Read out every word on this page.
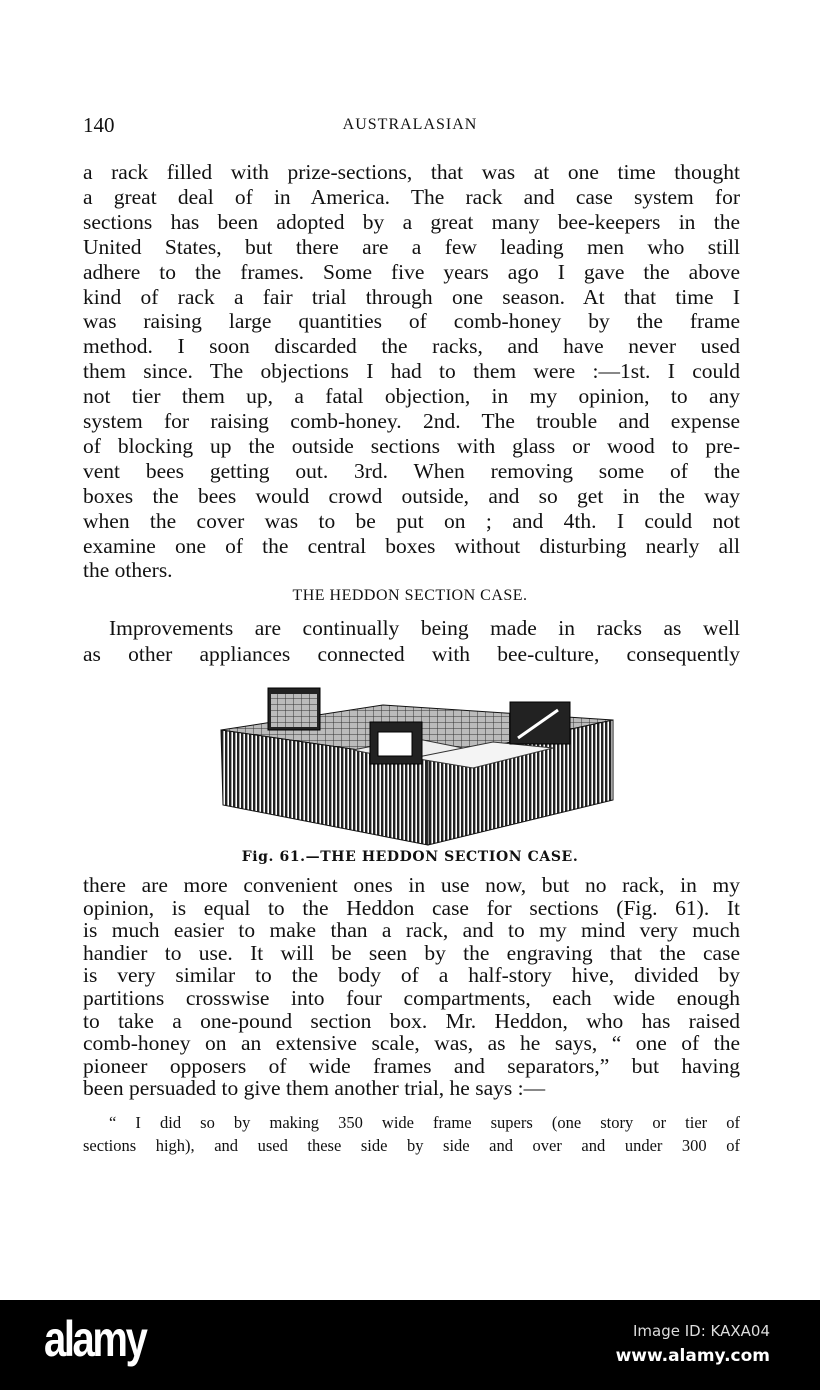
140	AUSTRALASIAN
a rack filled with prize-sections, that was at one time thought
a great deal of in America. The rack and case system for
sections has been adopted by a great many bee-keepers in the
United States, but there are a few leading men who still
adhere to the frames. Some five years ago I gave the above
kind of rack a fair trial through one season. At that time I
was raising large quantities of comb-honey by the frame
method. I soon discarded the racks, and have never used
them since. The objections I had to them were :—1st. I could
not tier them up, a fatal objection, in my opinion, to any
system for raising comb-honey. 2nd. The trouble and expense
of blocking up the outside sections with glass or wood to pre-
vent bees getting out. 3rd. When removing some of the
boxes the bees would crowd outside, and so get in the way
when the cover was to be put on ; and 4th. I could not
examine one of the central boxes without disturbing nearly all
the others.
THE HEDDON SECTION CASE.
Improvements are continually being made in racks as well
as other appliances connected with bee-culture, consequently
Fig. 61.—THE HEDDON SECTION CASE.
there are more convenient ones in use now, but no rack, in my
opinion, is equal to the Heddon case for sections (Fig. 61). It
is much easier to make than a rack, and to my mind very much
handier to use. It will be seen by the engraving that the case
is very similar to the body of a half-story hive, divided by
partitions crosswise into four compartments, each wide enough
to take a one-pound section box. Mr. Heddon, who has raised
comb-honey on an extensive scale, was, as he says, “ one of the
pioneer opposers of wide frames and separators,” but having
been persuaded to give them another trial, he says :—
“ I did so by making 350 wide frame supers (one story or tier of
sections high), and used these side by side and over and under 300 of
alamy	Image ID: KAXA04
www.alamy.com
